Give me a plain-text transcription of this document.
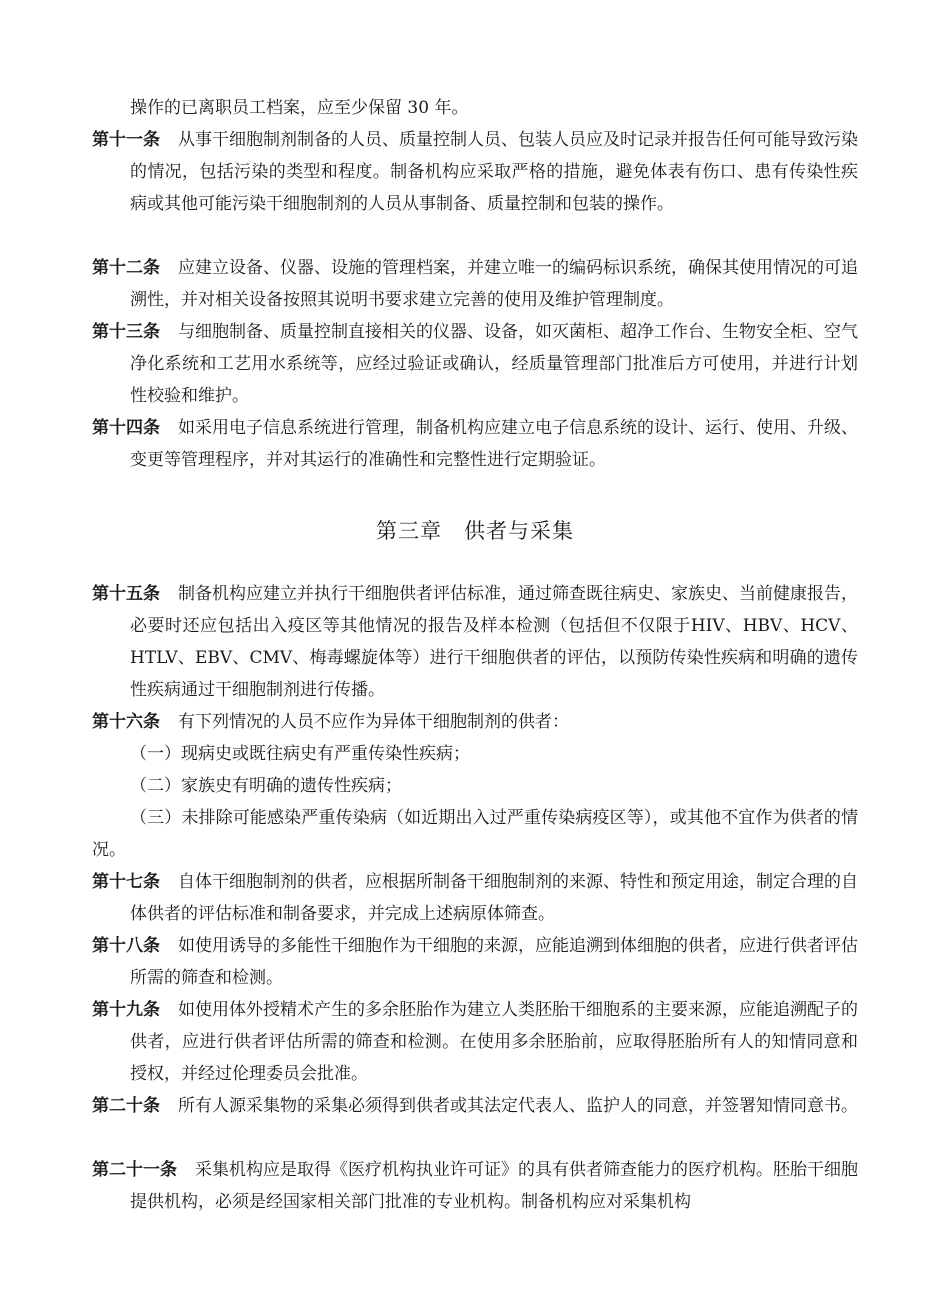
操作的已离职员工档案，应至少保留 30 年。
第十一条 从事干细胞制剂制备的人员、质量控制人员、包装人员应及时记录并报告任何可能导致污染的情况，包括污染的类型和程度。制备机构应采取严格的措施，避免体表有伤口、患有传染性疾病或其他可能污染干细胞制剂的人员从事制备、质量控制和包装的操作。
第十二条 应建立设备、仪器、设施的管理档案，并建立唯一的编码标识系统，确保其使用情况的可追溯性，并对相关设备按照其说明书要求建立完善的使用及维护管理制度。
第十三条 与细胞制备、质量控制直接相关的仪器、设备，如灭菌柜、超净工作台、生物安全柜、空气净化系统和工艺用水系统等，应经过验证或确认，经质量管理部门批准后方可使用，并进行计划性校验和维护。
第十四条 如采用电子信息系统进行管理，制备机构应建立电子信息系统的设计、运行、使用、升级、变更等管理程序，并对其运行的准确性和完整性进行定期验证。
第三章 供者与采集
第十五条 制备机构应建立并执行干细胞供者评估标准，通过筛查既往病史、家族史、当前健康报告，必要时还应包括出入疫区等其他情况的报告及样本检测（包括但不仅限于HIV、HBV、HCV、HTLV、EBV、CMV、梅毒螺旋体等）进行干细胞供者的评估，以预防传染性疾病和明确的遗传性疾病通过干细胞制剂进行传播。
第十六条 有下列情况的人员不应作为异体干细胞制剂的供者：
（一）现病史或既往病史有严重传染性疾病；
（二）家族史有明确的遗传性疾病；
（三）未排除可能感染严重传染病（如近期出入过严重传染病疫区等），或其他不宜作为供者的情况。
第十七条 自体干细胞制剂的供者，应根据所制备干细胞制剂的来源、特性和预定用途，制定合理的自体供者的评估标准和制备要求，并完成上述病原体筛查。
第十八条 如使用诱导的多能性干细胞作为干细胞的来源，应能追溯到体细胞的供者，应进行供者评估所需的筛查和检测。
第十九条 如使用体外授精术产生的多余胚胎作为建立人类胚胎干细胞系的主要来源，应能追溯配子的供者，应进行供者评估所需的筛查和检测。在使用多余胚胎前，应取得胚胎所有人的知情同意和授权，并经过伦理委员会批准。
第二十条 所有人源采集物的采集必须得到供者或其法定代表人、监护人的同意，并签署知情同意书。
第二十一条 采集机构应是取得《医疗机构执业许可证》的具有供者筛查能力的医疗机构。胚胎干细胞提供机构，必须是经国家相关部门批准的专业机构。制备机构应对采集机构
